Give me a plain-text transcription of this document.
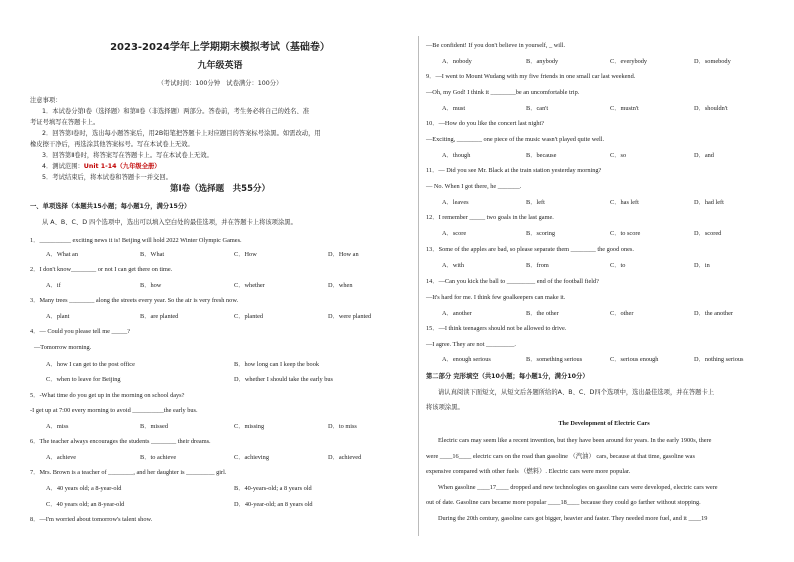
2023-2024学年上学期期末模拟考试（基础卷）
九年级英语
（考试时间：100分钟　试卷满分：100分）
注意事项：
1．本试卷分第Ⅰ卷（选择题）和第Ⅱ卷（非选择题）两部分。答卷前，考生务必将自己的姓名、准
考证号填写在答题卡上。
2．回答第Ⅰ卷时，选出每小题答案后，用2B铅笔把答题卡上对应题目的答案标号涂黑。如需改动，用
橡皮擦干净后，再选涂其他答案标号。写在本试卷上无效。
3．回答第Ⅱ卷时，将答案写在答题卡上。写在本试卷上无效。
4．测试范围：Unit 1-14（九年级全册）
5．考试结束后，将本试卷和答题卡一并交回。
第Ⅰ卷（选择题　共55分）
一、单项选择（本题共15小题；每小题1分，满分15分）
从 A、B、C、D 四个选项中，选出可以填入空白处的最佳选项，并在答题卡上将该项涂黑。
1．__________ exciting news it is! Beijing will hold 2022 Winter Olympic Games.
A．What an	B．What	C．How	D．How an
2．I don't know________ or not I can get there on time.
A．if	B．how	C．whether	D．when
3．Many trees ________ along the streets every year. So the air is very fresh now.
A．plant	B．are planted	C．planted	D．were planted
4．— Could you please tell me _____?
—Tomorrow morning.
A．how I can get to the post office	B．how long can I keep the book
C．when to leave for Beijing	D．whether I should take the early bus
5．-What time do you get up in the morning on school days?
-I get up at 7:00 every morning to avoid __________the early bus.
A．miss	B．missed	C．missing	D．to miss
6．The teacher always encourages the students ________ their dreams.
A．achieve	B．to achieve	C．achieving	D．achieved
7．Mrs. Brown is a teacher of ________, and her daughter is _________ girl.
A．40 years old; a 8-year-old	B．40-years-old; a 8 years old
C．40 years old; an 8-year-old	D．40-year-old; an 8 years old
8．—I'm worried about tomorrow's talent show.
—Be confident! If you don't believe in yourself, _ will.
A．nobody	B．anybody	C．everybody	D．somebody
9．—I went to Mount Wudang with my five friends in one small car last weekend.
—Oh, my God! I think it ________be an uncomfortable trip.
A．must	B．can't	C．mustn't	D．shouldn't
10．—How do you like the concert last night?
—Exciting, ________ one piece of the music wasn't played quite well.
A．though	B．because	C．so	D．and
11．— Did you see Mr. Black at the train station yesterday morning?
— No. When I got there, he _______.
A．leaves	B．left	C．has left	D．had left
12．I remember _____ two goals in the last game.
A．score	B．scoring	C．to score	D．scored
13．Some of the apples are bad, so please separate them ________ the good ones.
A．with	B．from	C．to	D．in
14．—Can you kick the ball to _________ end of the football field?
—It's hard for me. I think few goalkeepers can make it.
A．another	B．the other	C．other	D．the another
15．—I think teenagers should not be allowed to drive.
—I agree. They are not _________.
A．enough serious	B．something serious	C．serious enough	D．nothing serious
第二部分 完形填空（共10小题；每小题1分，满分10分）
请认真阅读下面短文，从短文后各题所给的A、B、C、D四个选项中，选出最佳选项，并在答题卡上
将该项涂黑。
The Development of Electric Cars
Electric cars may seem like a recent invention, but they have been around for years. In the early 1900s, there
were ____16____ electric cars on the road than gasoline （汽油） cars, because at that time, gasoline was
expensive compared with other fuels （燃料）. Electric cars were more popular.
When gasoline ____17____ dropped and new technologies on gasoline cars were developed, electric cars were
out of date. Gasoline cars became more popular ____18____ because they could go farther without stopping.
During the 20th century, gasoline cars got bigger, heavier and faster. They needed more fuel, and it ____19
